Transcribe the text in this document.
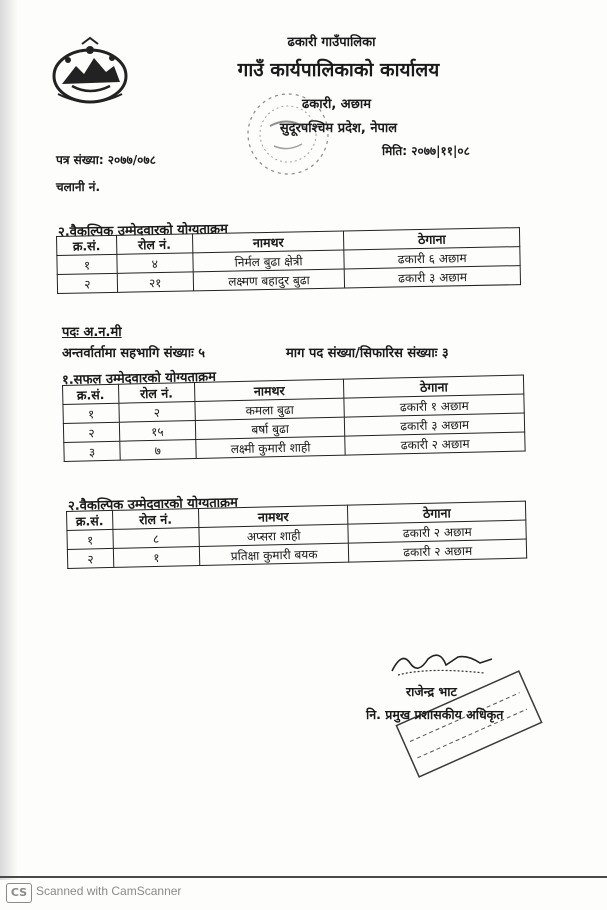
ढकारी गाउँपालिका
गाउँ कार्यपालिकाको कार्यालय
ढकारी, अछाम
सुदूरपश्चिम प्रदेश, नेपाल
पत्र संख्या: २०७७/०७८
चलानी नं.
मिति: २०७७|११|०८
२.वैकल्पिक उम्मेदवारको योग्यताक्रम
क्र.सं.	रोल नं.	नामथर	ठेगाना
१	४	निर्मल बुढा क्षेत्री	ढकारी ६ अछाम
२	२१	लक्ष्मण बहादुर बुढा	ढकारी ३ अछाम
पदः अ.न.मी
अन्तर्वार्तामा सहभागि संख्याः ५	माग पद संख्या/सिफारिस संख्याः ३
१.सफल उम्मेदवारको योग्यताक्रम
क्र.सं.	रोल नं.	नामथर	ठेगाना
१	२	कमला बुढा	ढकारी १ अछाम
२	१५	बर्षा बुढा	ढकारी ३ अछाम
३	७	लक्ष्मी कुमारी शाही	ढकारी २ अछाम
२.वैकल्पिक उम्मेदवारको योग्यताक्रम
क्र.सं.	रोल नं.	नामथर	ठेगाना
१	८	अप्सरा शाही	ढकारी २ अछाम
२	१	प्रतिक्षा कुमारी बयक	ढकारी २ अछाम
राजेन्द्र भाट
नि. प्रमुख प्रशासकीय अधिकृत
CS Scanned with CamScanner
